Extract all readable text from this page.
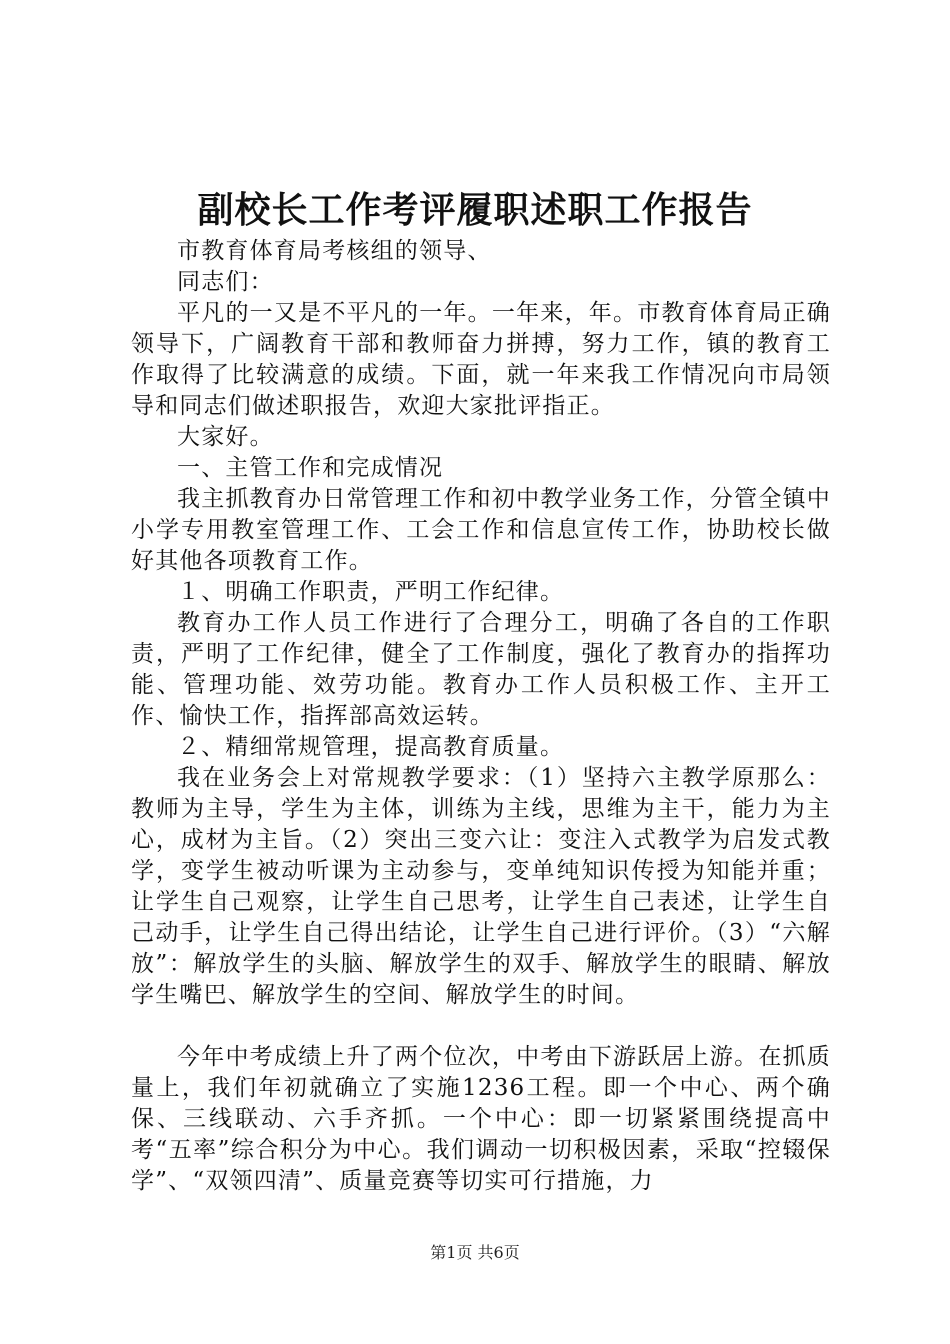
副校长工作考评履职述职工作报告

市教育体育局考核组的领导、

同志们：

平凡的一又是不平凡的一年。一年来，年。市教育体育局正确领导下，广阔教育干部和教师奋力拼搏，努力工作，镇的教育工作取得了比较满意的成绩。下面，就一年来我工作情况向市局领导和同志们做述职报告，欢迎大家批评指正。

大家好。

一、主管工作和完成情况

我主抓教育办日常管理工作和初中教学业务工作，分管全镇中小学专用教室管理工作、工会工作和信息宣传工作，协助校长做好其他各项教育工作。

１、明确工作职责，严明工作纪律。

教育办工作人员工作进行了合理分工，明确了各自的工作职责，严明了工作纪律，健全了工作制度，强化了教育办的指挥功能、管理功能、效劳功能。教育办工作人员积极工作、主开工作、愉快工作，指挥部高效运转。

２、精细常规管理，提高教育质量。

我在业务会上对常规教学要求：（1）坚持六主教学原那么：教师为主导，学生为主体，训练为主线，思维为主干，能力为主心，成材为主旨。（2）突出三变六让：变注入式教学为启发式教学，变学生被动听课为主动参与，变单纯知识传授为知能并重；让学生自己观察，让学生自己思考，让学生自己表述，让学生自己动手，让学生自己得出结论，让学生自己进行评价。（3）“六解放”：解放学生的头脑、解放学生的双手、解放学生的眼睛、解放学生嘴巴、解放学生的空间、解放学生的时间。

今年中考成绩上升了两个位次，中考由下游跃居上游。在抓质量上，我们年初就确立了实施1236工程。即一个中心、两个确保、三线联动、六手齐抓。一个中心：即一切紧紧围绕提高中考“五率”综合积分为中心。我们调动一切积极因素，采取“控辍保学”、“双领四清”、质量竞赛等切实可行措施，力

第1页 共6页
